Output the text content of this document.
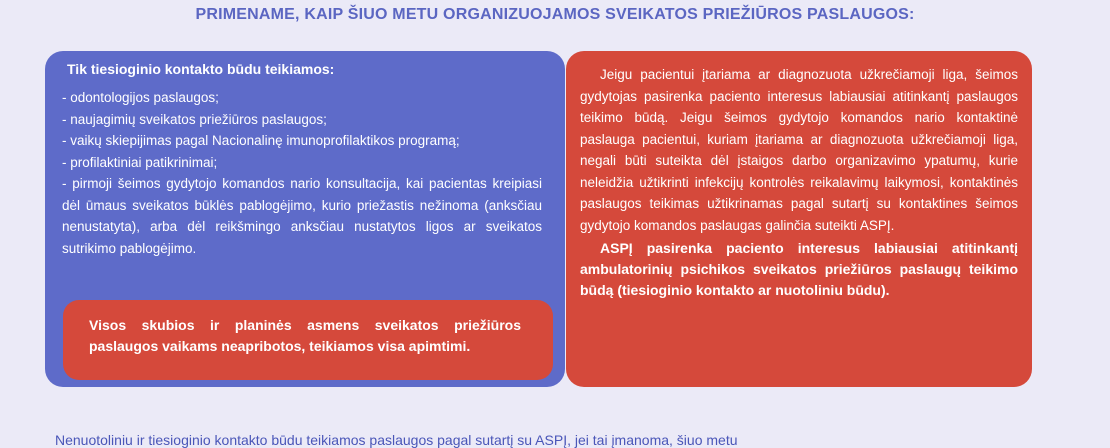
PRIMENAME, KAIP ŠIUO METU ORGANIZUOJAMOS SVEIKATOS PRIEŽIŪROS PASLAUGOS:
Tik tiesioginio kontakto būdu teikiamos:
- odontologijos paslaugos;
- naujagimių sveikatos priežiūros paslaugos;
- vaikų skiepijimas pagal Nacionalinę imunoprofilaktikos programą;
- profilaktiniai patikrinimai;
- pirmoji šeimos gydytojo komandos nario konsultacija, kai pacientas kreipiasi dėl ūmaus sveikatos būklės pablogėjimo, kurio priežastis nežinoma (anksčiau nenustatyta), arba dėl reikšmingo anksčiau nustatytos ligos ar sveikatos sutrikimo pablogėjimo.

Visos skubios ir planinės asmens sveikatos priežiūros paslaugos vaikams neapribotos, teikiamos visa apimtimi.

Jeigu pacientui įtariama ar diagnozuota užkrečiamoji liga, šeimos gydytojas pasirenka paciento interesus labiausiai atitinkantį paslaugos teikimo būdą. Jeigu šeimos gydytojo komandos nario kontaktinė paslauga pacientui, kuriam įtariama ar diagnozuota užkrečiamoji liga, negali būti suteikta dėl įstaigos darbo organizavimo ypatumų, kurie neleidžia užtikrinti infekcijų kontrolės reikalavimų laikymosi, kontaktinės paslaugos teikimas užtikrinamas pagal sutartį su kontaktines šeimos gydytojo komandos paslaugas galinčia suteikti ASPĮ.

ASPĮ pasirenka paciento interesus labiausiai atitinkantį ambulatorinių psichikos sveikatos priežiūros paslaugų teikimo būdą (tiesioginio kontakto ar nuotoliniu būdu).

Nenuotoliniu ir tiesioginio kontakto būdu teikiamos paslaugos pagal sutartį su ASPĮ, jei tai įmanoma, šiuo metu
